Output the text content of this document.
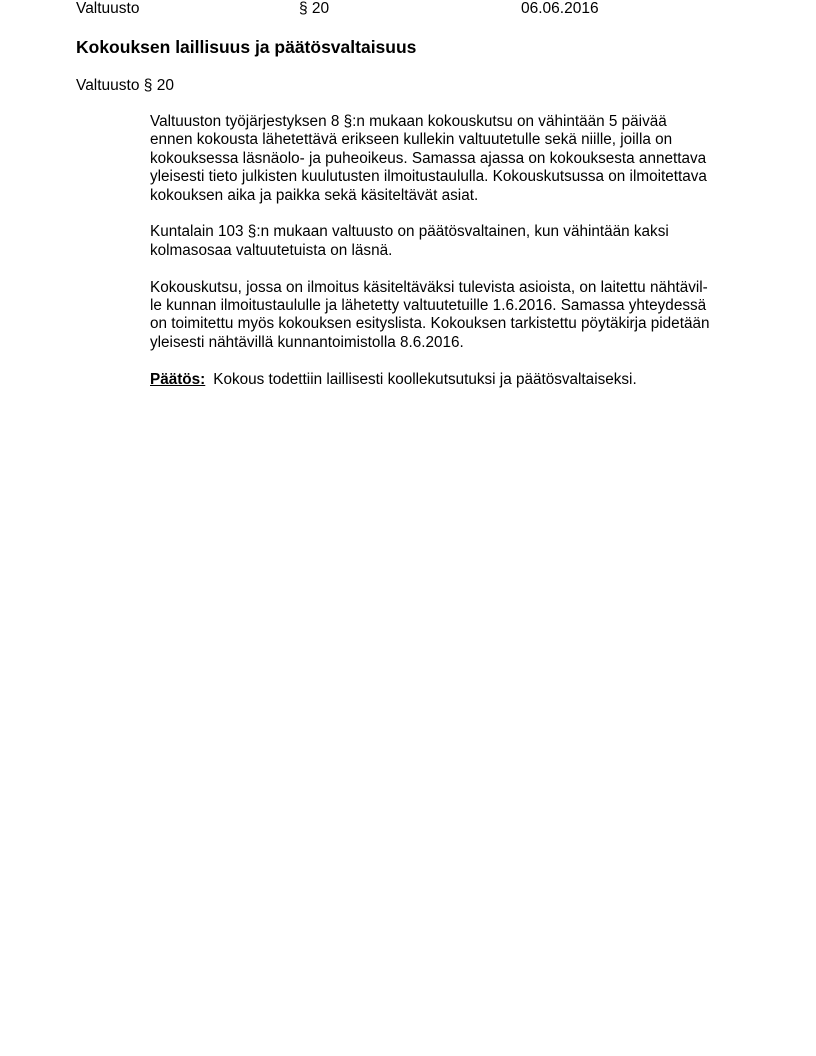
Valtuusto	§ 20	06.06.2016
Kokouksen laillisuus ja päätösvaltaisuus
Valtuusto § 20
Valtuuston työjärjestyksen 8 §:n mukaan kokouskutsu on vähintään 5 päivää
ennen kokousta lähetettävä erikseen kullekin valtuutetulle sekä niille, joilla on
kokouksessa läsnäolo- ja puheoikeus. Samassa ajassa on kokouksesta annettava
yleisesti tieto julkisten kuulutusten ilmoitustaululla. Kokouskutsussa on ilmoitettava
kokouksen aika ja paikka sekä käsiteltävät asiat.
Kuntalain 103 §:n mukaan valtuusto on päätösvaltainen, kun vähintään kaksi
kolmasosaa valtuutetuista on läsnä.
Kokouskutsu, jossa on ilmoitus käsiteltäväksi tulevista asioista, on laitettu nähtävil-
le kunnan ilmoitustaululle ja lähetetty valtuutetuille 1.6.2016. Samassa yhteydessä
on toimitettu myös kokouksen esityslista. Kokouksen tarkistettu pöytäkirja pidetään
yleisesti nähtävillä kunnantoimistolla 8.6.2016.
Päätös: Kokous todettiin laillisesti koollekutsutuksi ja päätösvaltaiseksi.
